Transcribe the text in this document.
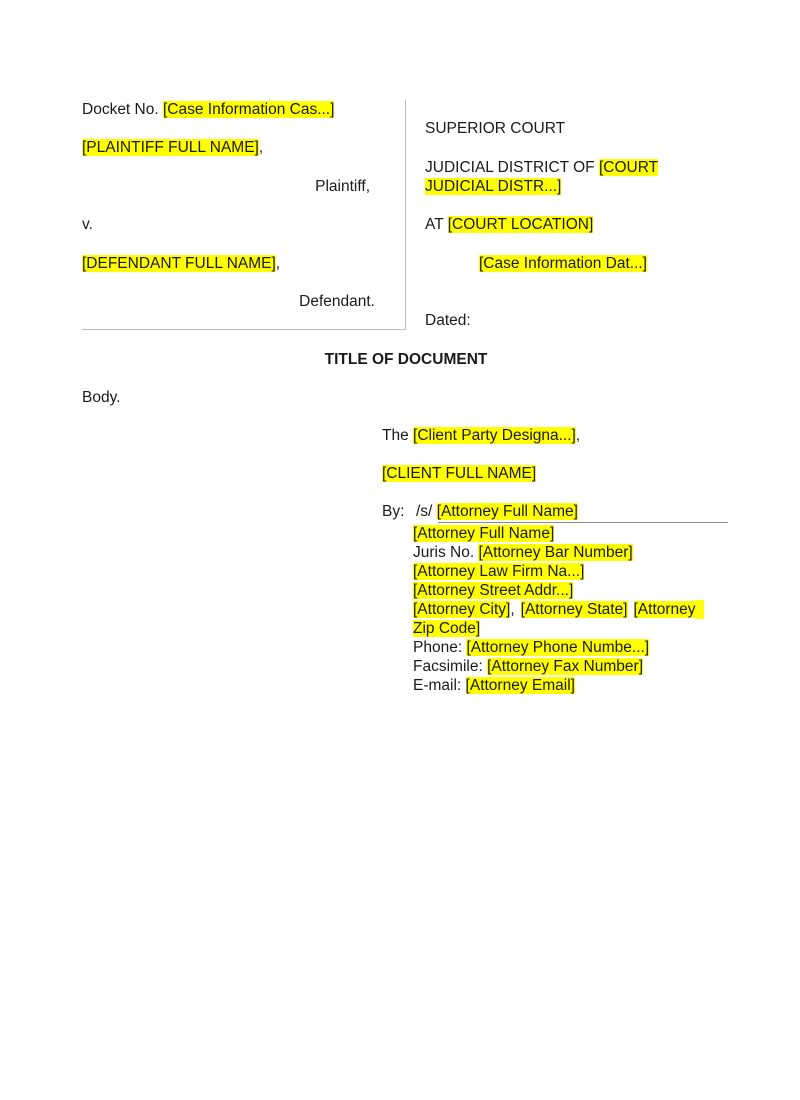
Docket No. [Case Information Cas...]
[PLAINTIFF FULL NAME],
Plaintiff,
v.
[DEFENDANT FULL NAME],
Defendant.
SUPERIOR COURT
JUDICIAL DISTRICT OF [COURT
JUDICIAL DISTR...]
AT [COURT LOCATION]
[Case Information Dat...]
Dated:
TITLE OF DOCUMENT
Body.
The [Client Party Designa...],
[CLIENT FULL NAME]
By: /s/ [Attorney Full Name]
[Attorney Full Name]
Juris No. [Attorney Bar Number]
[Attorney Law Firm Na...]
[Attorney Street Addr...]
[Attorney City], [Attorney State] [Attorney
Zip Code]
Phone: [Attorney Phone Numbe...]
Facsimile: [Attorney Fax Number]
E-mail: [Attorney Email]
